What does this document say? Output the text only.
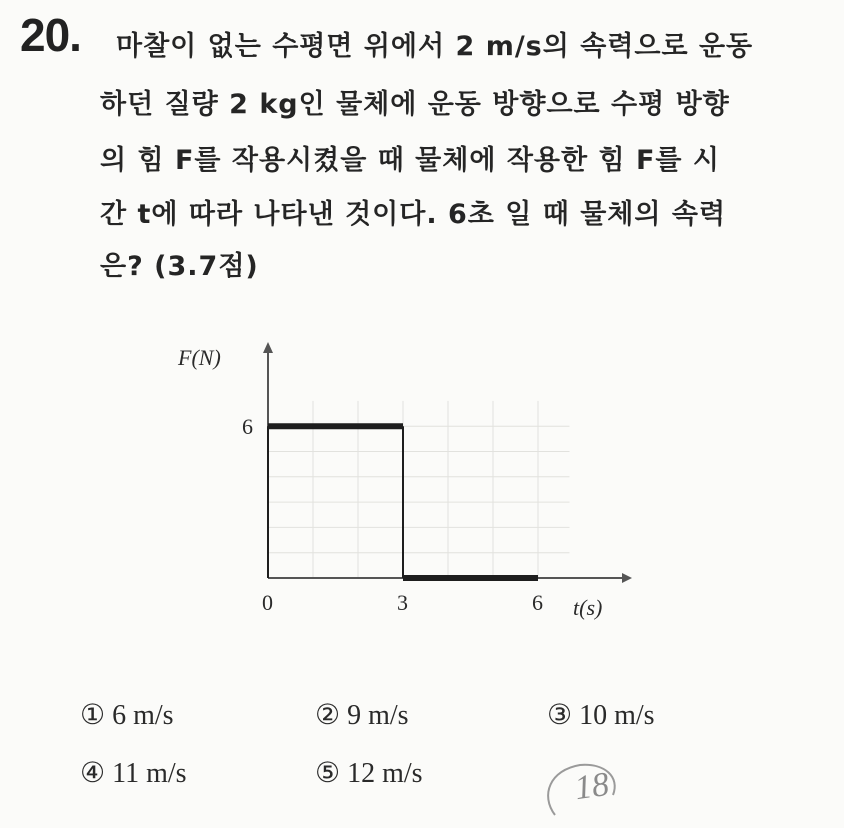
20. 마찰이 없는 수평면 위에서 2 m/s의 속력으로 운동
하던 질량 2 kg인 물체에 운동 방향으로 수평 방향
의 힘 F를 작용시켰을 때 물체에 작용한 힘 F를 시
간 t에 따라 나타낸 것이다. 6초 일 때 물체의 속력
은? (3.7점)
F(N)
t(s)
0	3	6
6
① 6 m/s	② 9 m/s	③ 10 m/s
④ 11 m/s	⑤ 12 m/s	18
